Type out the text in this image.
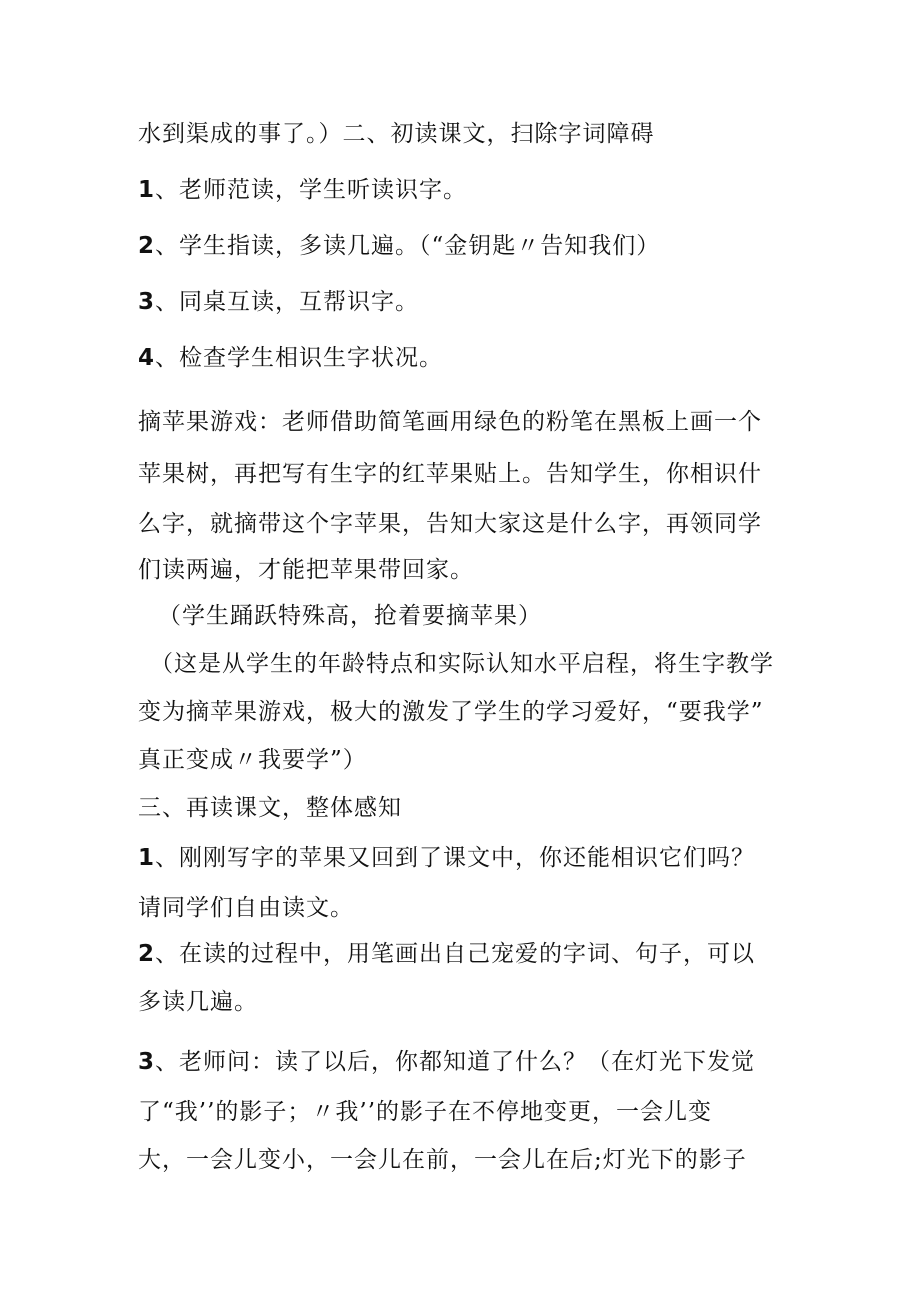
水到渠成的事了。）二、初读课文，扫除字词障碍
1、老师范读，学生听读识字。
2、学生指读，多读几遍。（“金钥匙〃告知我们）
3、同桌互读，互帮识字。
4、检查学生相识生字状况。
摘苹果游戏：老师借助简笔画用绿色的粉笔在黑板上画一个
苹果树，再把写有生字的红苹果贴上。告知学生，你相识什
么字，就摘带这个字苹果，告知大家这是什么字，再领同学
们读两遍，才能把苹果带回家。
（学生踊跃特殊高，抢着要摘苹果）
（这是从学生的年龄特点和实际认知水平启程，将生字教学
变为摘苹果游戏，极大的激发了学生的学习爱好，“要我学”
真正变成〃我要学”）
三、再读课文，整体感知
1、刚刚写字的苹果又回到了课文中，你还能相识它们吗？
请同学们自由读文。
2、在读的过程中，用笔画出自己宠爱的字词、句子，可以
多读几遍。
3、老师问：读了以后，你都知道了什么？（在灯光下发觉
了“我’’的影子；〃我’’的影子在不停地变更，一会儿变
大，一会儿变小，一会儿在前，一会儿在后;灯光下的影子
